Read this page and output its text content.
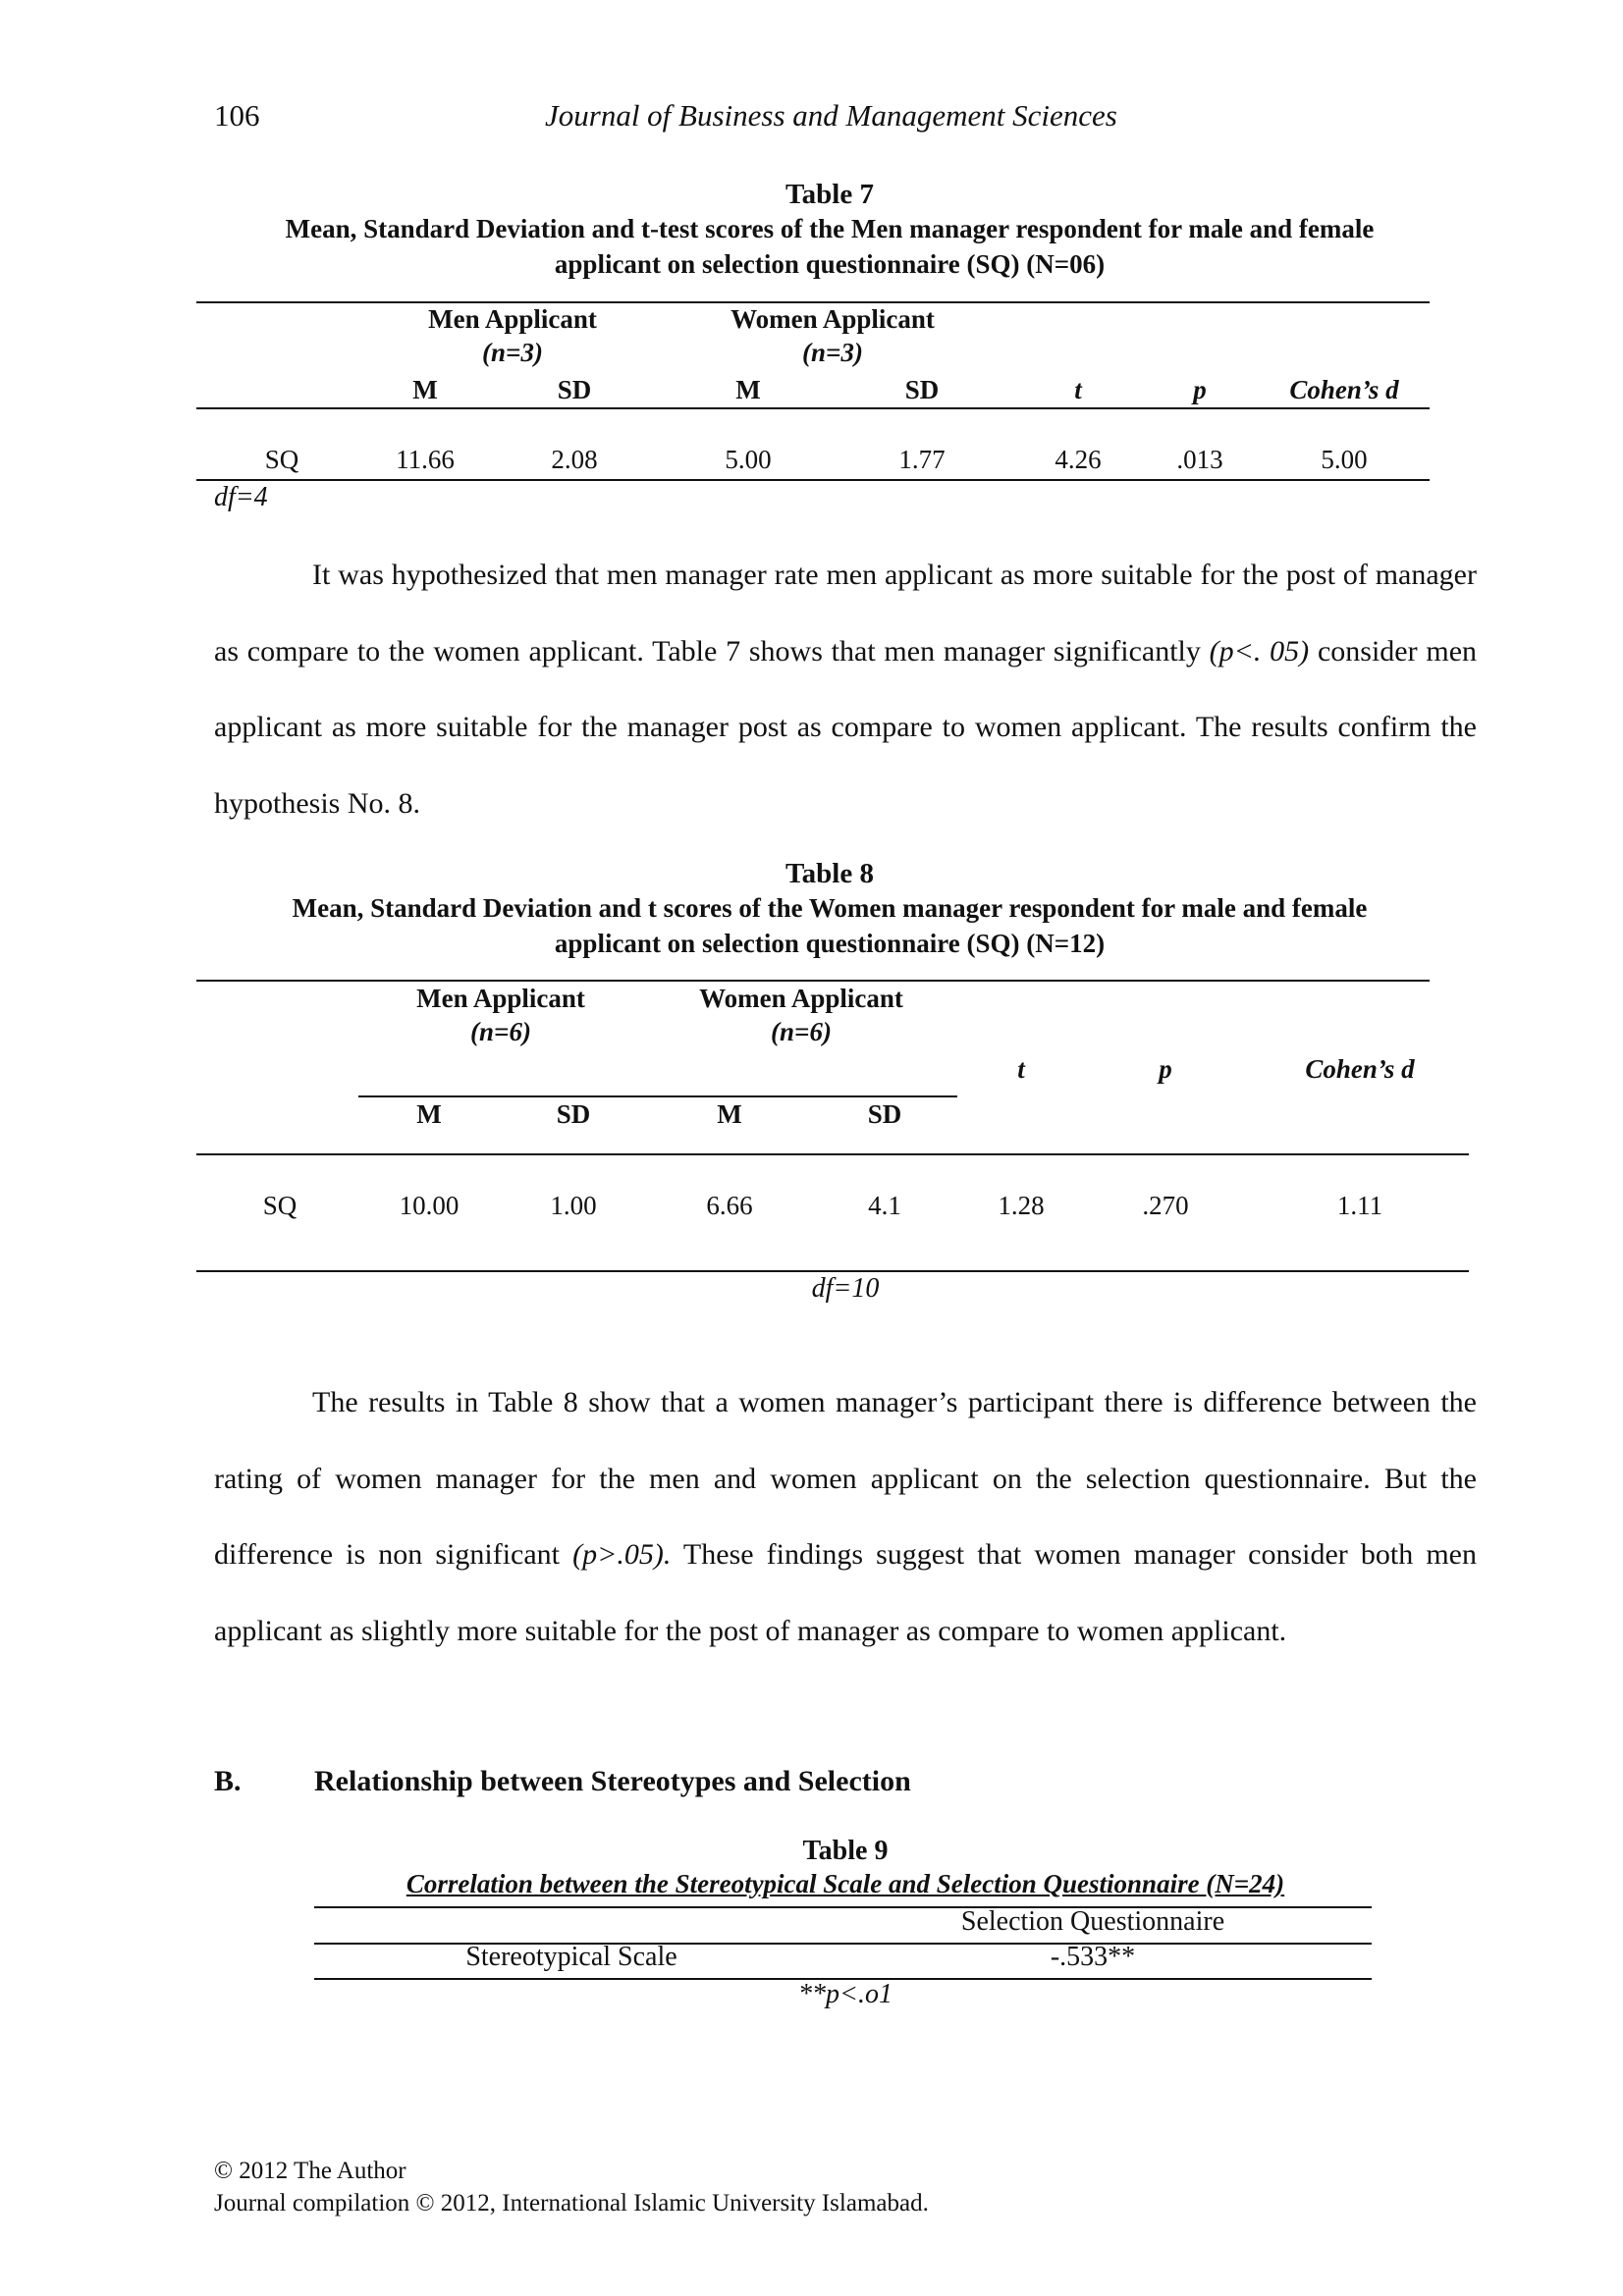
106	Journal of Business and Management Sciences
Table 7
Mean, Standard Deviation and t-test scores of the Men manager respondent for male and female
applicant on selection questionnaire (SQ) (N=06)
Men Applicant
(n=3)
Women Applicant
(n=3)
M	SD	M	SD	t	p	Cohen’s d
SQ	11.66	2.08	5.00	1.77	4.26	.013	5.00
df=4

It was hypothesized that men manager rate men applicant as more suitable for the post of manager as compare to the women applicant. Table 7 shows that men manager significantly (p<. 05) consider men applicant as more suitable for the manager post as compare to women applicant. The results confirm the hypothesis No. 8.

Table 8
Mean, Standard Deviation and t scores of the Women manager respondent for male and female
applicant on selection questionnaire (SQ) (N=12)
Men Applicant
(n=6)
Women Applicant
(n=6)
t	p	Cohen’s d
M	SD	M	SD
SQ	10.00	1.00	6.66	4.1	1.28	.270	1.11
df=10

The results in Table 8 show that a women manager’s participant there is difference between the rating of women manager for the men and women applicant on the selection questionnaire. But the difference is non significant (p>.05). These findings suggest that women manager consider both men applicant as slightly more suitable for the post of manager as compare to women applicant.

B. Relationship between Stereotypes and Selection
Table 9
Correlation between the Stereotypical Scale and Selection Questionnaire (N=24)
Selection Questionnaire
Stereotypical Scale	-.533**
**p<.o1
© 2012 The Author
Journal compilation © 2012, International Islamic University Islamabad.
